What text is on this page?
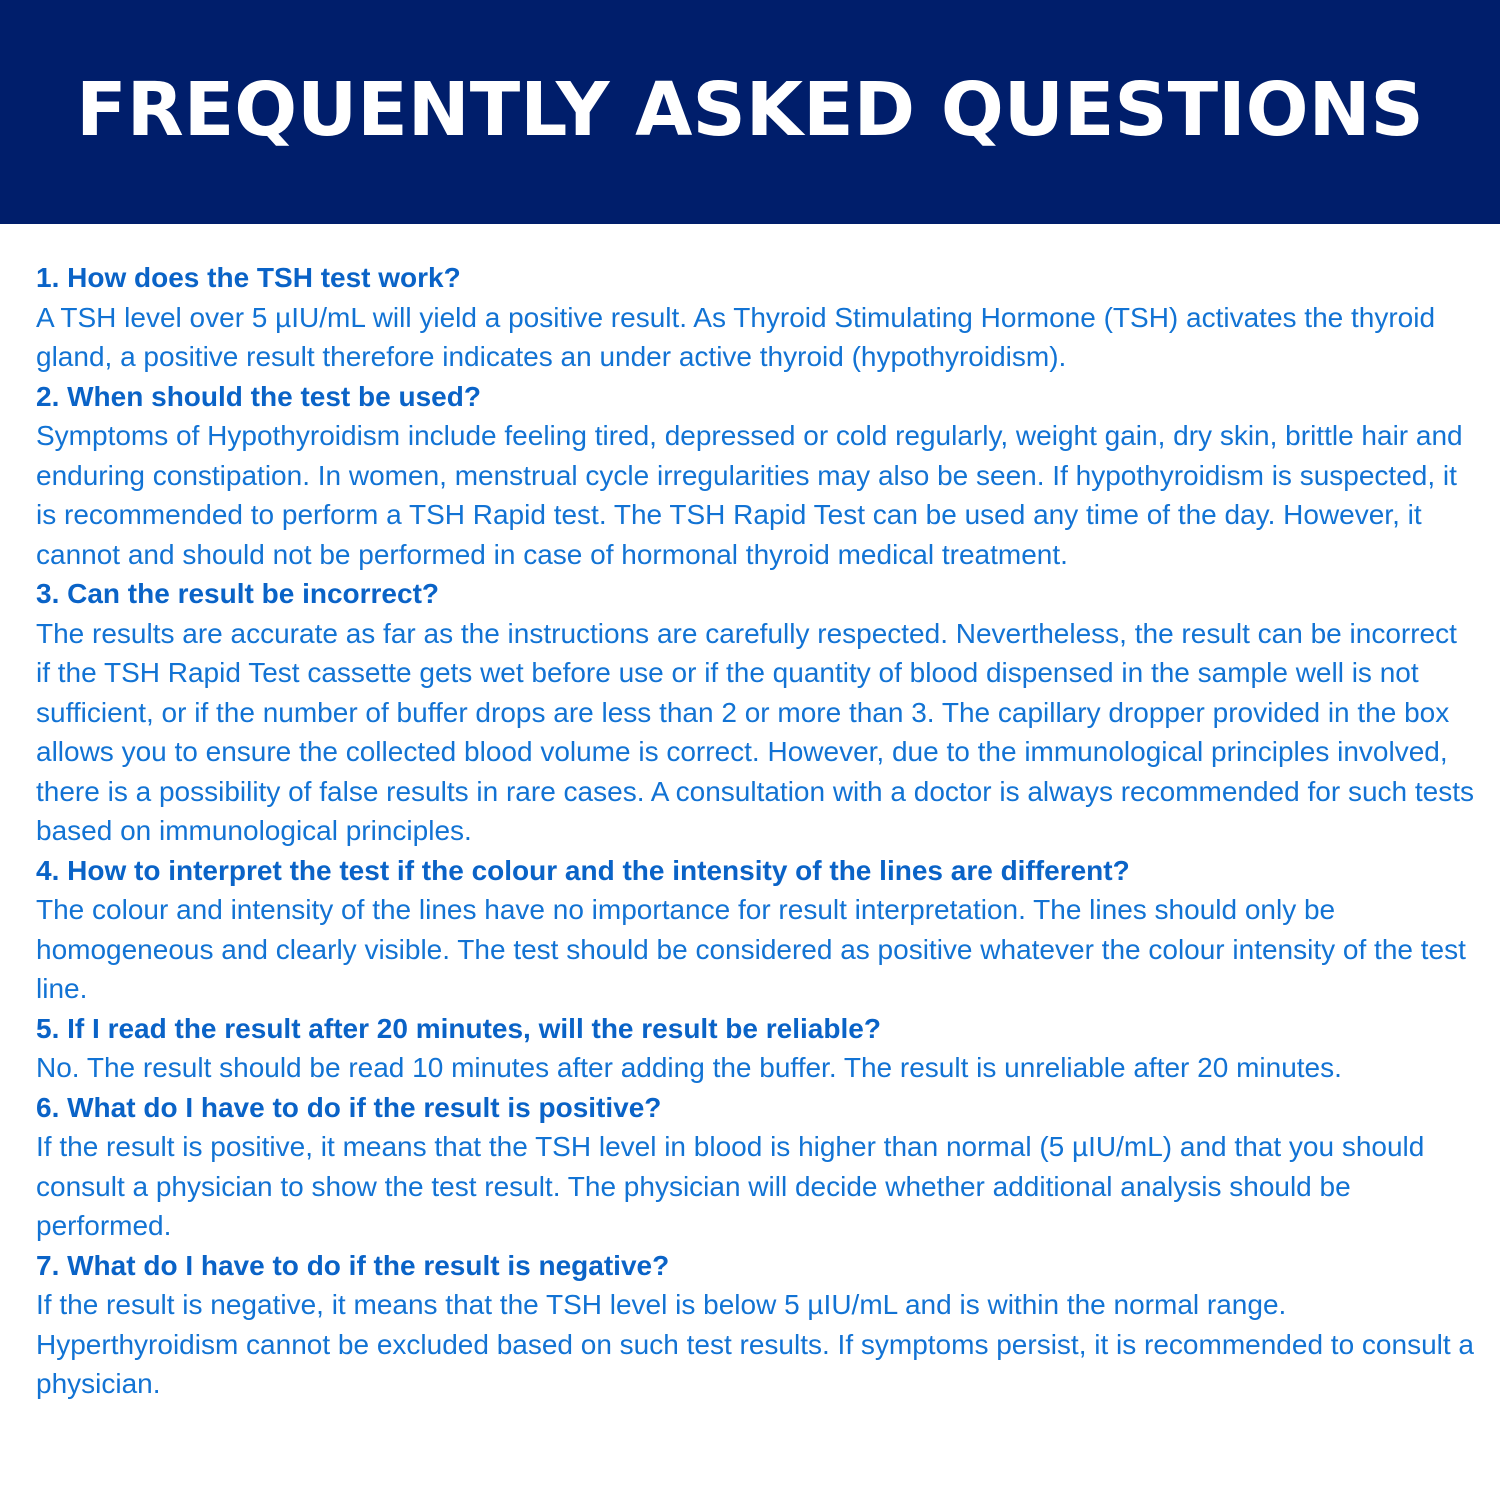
FREQUENTLY ASKED QUESTIONS
1. How does the TSH test work?
A TSH level over 5 µIU/mL will yield a positive result. As Thyroid Stimulating Hormone (TSH) activates the thyroid gland, a positive result therefore indicates an under active thyroid (hypothyroidism).
2. When should the test be used?
Symptoms of Hypothyroidism include feeling tired, depressed or cold regularly, weight gain, dry skin, brittle hair and enduring constipation. In women, menstrual cycle irregularities may also be seen. If hypothyroidism is suspected, it is recommended to perform a TSH Rapid test. The TSH Rapid Test can be used any time of the day. However, it cannot and should not be performed in case of hormonal thyroid medical treatment.
3. Can the result be incorrect?
The results are accurate as far as the instructions are carefully respected. Nevertheless, the result can be incorrect if the TSH Rapid Test cassette gets wet before use or if the quantity of blood dispensed in the sample well is not sufficient, or if the number of buffer drops are less than 2 or more than 3. The capillary dropper provided in the box allows you to ensure the collected blood volume is correct. However, due to the immunological principles involved, there is a possibility of false results in rare cases. A consultation with a doctor is always recommended for such tests based on immunological principles.
4. How to interpret the test if the colour and the intensity of the lines are different?
The colour and intensity of the lines have no importance for result interpretation. The lines should only be homogeneous and clearly visible. The test should be considered as positive whatever the colour intensity of the test line.
5. If I read the result after 20 minutes, will the result be reliable?
No. The result should be read 10 minutes after adding the buffer. The result is unreliable after 20 minutes.
6. What do I have to do if the result is positive?
If the result is positive, it means that the TSH level in blood is higher than normal (5 µIU/mL) and that you should consult a physician to show the test result. The physician will decide whether additional analysis should be performed.
7. What do I have to do if the result is negative?
If the result is negative, it means that the TSH level is below 5 µIU/mL and is within the normal range. Hyperthyroidism cannot be excluded based on such test results. If symptoms persist, it is recommended to consult a physician.
